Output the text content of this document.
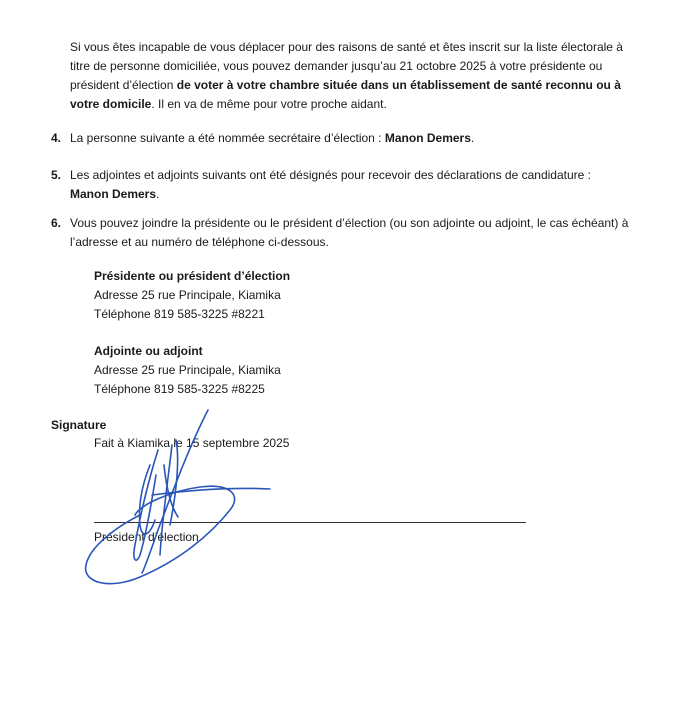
Si vous êtes incapable de vous déplacer pour des raisons de santé et êtes inscrit sur la liste électorale à titre de personne domiciliée, vous pouvez demander jusqu’au 21 octobre 2025 à votre présidente ou président d’élection de voter à votre chambre située dans un établissement de santé reconnu ou à votre domicile. Il en va de même pour votre proche aidant.

4. La personne suivante a été nommée secrétaire d’élection : Manon Demers.

5. Les adjointes et adjoints suivants ont été désignés pour recevoir des déclarations de candidature : Manon Demers.

6. Vous pouvez joindre la présidente ou le président d’élection (ou son adjointe ou adjoint, le cas échéant) à l’adresse et au numéro de téléphone ci-dessous.

Présidente ou président d’élection
Adresse 25 rue Principale, Kiamika
Téléphone 819 585-3225 #8221
Adjointe ou adjoint
Adresse 25 rue Principale, Kiamika
Téléphone 819 585-3225 #8225
Signature
Fait à Kiamika le 15 septembre 2025
Président d’élection
